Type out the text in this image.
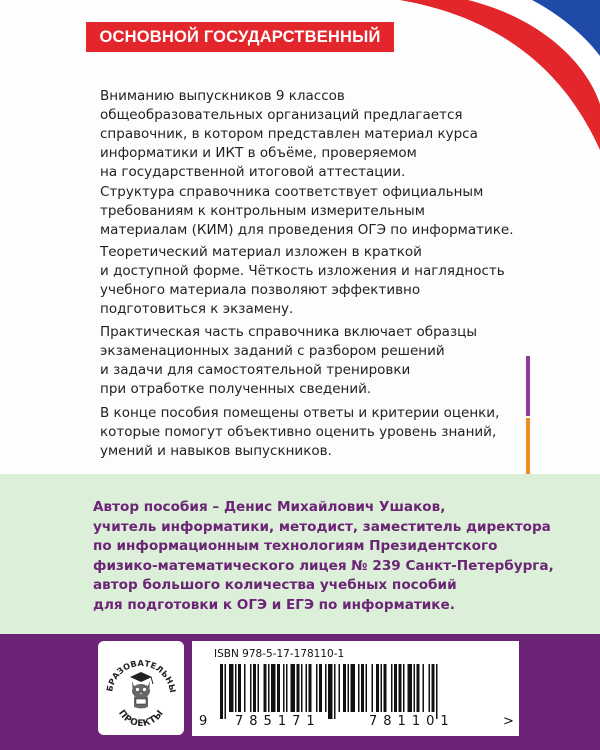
ОСНОВНОЙ ГОСУДАРСТВЕННЫЙ ЭКЗАМЕН
Вниманию выпускников 9 классов
общеобразовательных организаций предлагается
справочник, в котором представлен материал курса
информатики и ИКТ в объёме, проверяемом
на государственной итоговой аттестации.
Структура справочника соответствует официальным
требованиям к контрольным измерительным
материалам (КИМ) для проведения ОГЭ по информатике.
Теоретический материал изложен в краткой
и доступной форме. Чёткость изложения и наглядность
учебного материала позволяют эффективно
подготовиться к экзамену.
Практическая часть справочника включает образцы
экзаменационных заданий с разбором решений
и задачи для самостоятельной тренировки
при отработке полученных сведений.
В конце пособия помещены ответы и критерии оценки,
которые помогут объективно оценить уровень знаний,
умений и навыков выпускников.
Автор пособия – Денис Михайлович Ушаков,
учитель информатики, методист, заместитель директора
по информационным технологиям Президентского
физико-математического лицея № 239 Санкт-Петербурга,
автор большого количества учебных пособий
для подготовки к ОГЭ и ЕГЭ по информатике.
БРАЗОВАТЕЛЬНЫ
ПРОЕКТЫ
ISBN 978-5-17-178110-1
9 785171	781101	>
